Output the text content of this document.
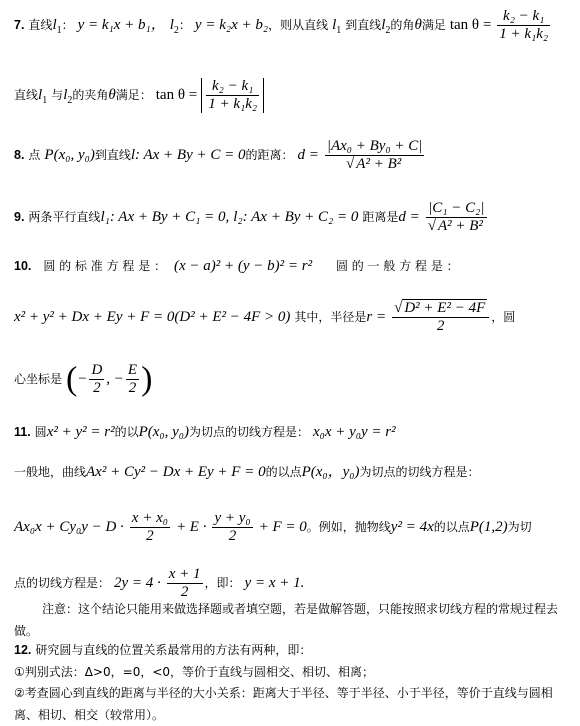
7. 直线$l_1$： y = k₁x + b₁， $l_2$： y = k₂x + b₂，则从直线 $l_1$ 到直线$l_2$的角θ满足 $\tan \theta = \frac{\text{k₂ − k₁}}{\text{1 + k₁k₂}}$
直线$l_1$ 与$l_2$的夹角θ满足： $\tan \theta = \frac{\text{k₂ − k₁}}{\text{1 + k₁k₂}}$
8. 点 P(x₀, y₀)到直线l: Ax + By + C = 0的距离： $d = \frac{\text{|Ax₀ + By₀ + C|}}{\text{√ A² + B²}}$
9. 两条平行直线l₁: Ax + By + C₁ = 0, l₂: Ax + By + C₂ = 0 距离是$d = \frac{\text{|C₁ − C₂|}}{\text{√ A² + B²}}$
10. 圆 的 标 准 方 程 是 ： (x − a)² + (y − b)² = r² 圆 的 一 般 方 程 是 ：
x² + y² + Dx + Ey + F = 0(D² + E² − 4F > 0) 其中，半径是$r = \frac{\text{√ D² + E² − 4F}}{2}$ ，圆
心坐标是 (− $\frac{D}{2}$ , − $\frac{E}{2}$ )
11. 圆x² + y² = r²的以P(x₀, y₀)为切点的切线方程是： x₀x + y₀y = r²
一般地，曲线Ax² + Cy² − Dx + Ey + F = 0的以点P(x₀，y₀)为切点的切线方程是：
$Ax_0x + Cy_0y - D \cdot \frac{\text{x + x₀}}{2} + E \cdot \frac{\text{y + y₀}}{2} + F = 0$。例如，抛物线y² = 4x的以点P(1,2)为切
点的切线方程是： $2y = 4 \cdot \frac{x + 1}{2}$ ，即： y = x + 1.
注意：这个结论只能用来做选择题或者填空题，若是做解答题，只能按照求切线方程的常规过程去做。
12. 研究圆与直线的位置关系最常用的方法有两种，即：
①判别式法：Δ>0，=0，<0，等价于直线与圆相交、相切、相离；
②考查圆心到直线的距离与半径的大小关系：距离大于半径、等于半径、小于半径，等价于直线与圆相离、相切、相交（较常用）。
